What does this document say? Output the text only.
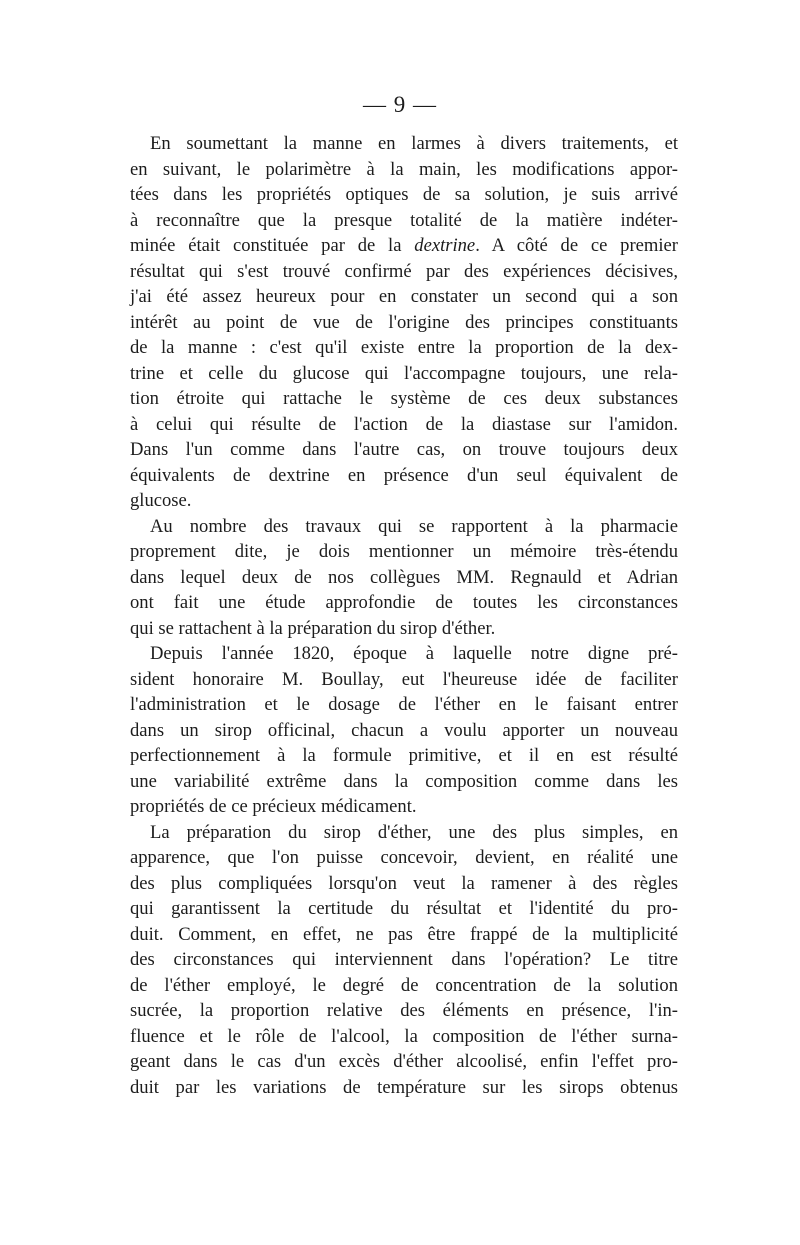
— 9 —
En soumettant la manne en larmes à divers traitements, et
en suivant, le polarimètre à la main, les modifications appor-
tées dans les propriétés optiques de sa solution, je suis arrivé
à reconnaître que la presque totalité de la matière indéter-
minée était constituée par de la dextrine. A côté de ce premier
résultat qui s'est trouvé confirmé par des expériences décisives,
j'ai été assez heureux pour en constater un second qui a son
intérêt au point de vue de l'origine des principes constituants
de la manne : c'est qu'il existe entre la proportion de la dex-
trine et celle du glucose qui l'accompagne toujours, une rela-
tion étroite qui rattache le système de ces deux substances
à celui qui résulte de l'action de la diastase sur l'amidon.
Dans l'un comme dans l'autre cas, on trouve toujours deux
équivalents de dextrine en présence d'un seul équivalent de
glucose.
Au nombre des travaux qui se rapportent à la pharmacie
proprement dite, je dois mentionner un mémoire très-étendu
dans lequel deux de nos collègues MM. Regnauld et Adrian
ont fait une étude approfondie de toutes les circonstances
qui se rattachent à la préparation du sirop d'éther.
Depuis l'année 1820, époque à laquelle notre digne pré-
sident honoraire M. Boullay, eut l'heureuse idée de faciliter
l'administration et le dosage de l'éther en le faisant entrer
dans un sirop officinal, chacun a voulu apporter un nouveau
perfectionnement à la formule primitive, et il en est résulté
une variabilité extrême dans la composition comme dans les
propriétés de ce précieux médicament.
La préparation du sirop d'éther, une des plus simples, en
apparence, que l'on puisse concevoir, devient, en réalité une
des plus compliquées lorsqu'on veut la ramener à des règles
qui garantissent la certitude du résultat et l'identité du pro-
duit. Comment, en effet, ne pas être frappé de la multiplicité
des circonstances qui interviennent dans l'opération? Le titre
de l'éther employé, le degré de concentration de la solution
sucrée, la proportion relative des éléments en présence, l'in-
fluence et le rôle de l'alcool, la composition de l'éther surna-
geant dans le cas d'un excès d'éther alcoolisé, enfin l'effet pro-
duit par les variations de température sur les sirops obtenus
